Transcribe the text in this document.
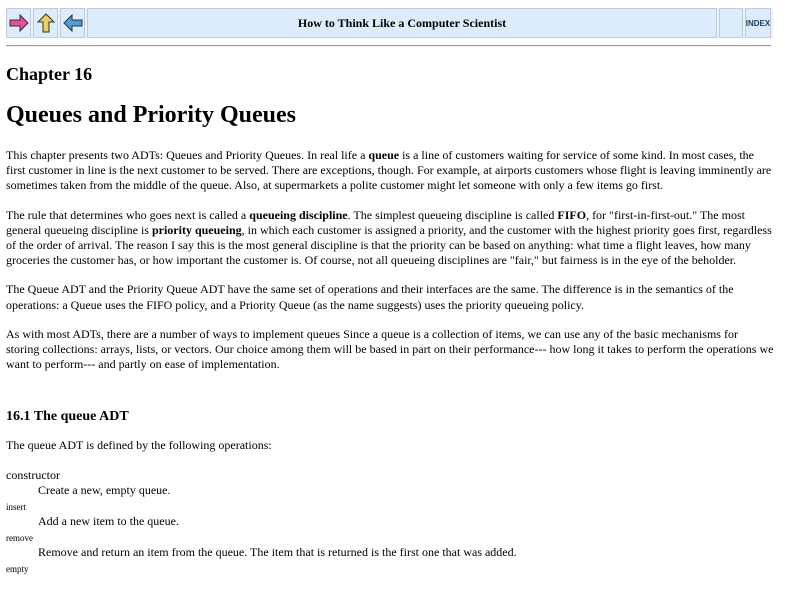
How to Think Like a Computer Scientist	INDEX
Chapter 16
Queues and Priority Queues

This chapter presents two ADTs: Queues and Priority Queues. In real life a queue is a line of customers waiting for service of some kind. In most cases, the first customer in line is the next customer to be served. There are exceptions, though. For example, at airports customers whose flight is leaving imminently are sometimes taken from the middle of the queue. Also, at supermarkets a polite customer might let someone with only a few items go first.

The rule that determines who goes next is called a queueing discipline. The simplest queueing discipline is called FIFO, for "first-in-first-out." The most general queueing discipline is priority queueing, in which each customer is assigned a priority, and the customer with the highest priority goes first, regardless of the order of arrival. The reason I say this is the most general discipline is that the priority can be based on anything: what time a flight leaves, how many groceries the customer has, or how important the customer is. Of course, not all queueing disciplines are "fair," but fairness is in the eye of the beholder.

The Queue ADT and the Priority Queue ADT have the same set of operations and their interfaces are the same. The difference is in the semantics of the operations: a Queue uses the FIFO policy, and a Priority Queue (as the name suggests) uses the priority queueing policy.

As with most ADTs, there are a number of ways to implement queues Since a queue is a collection of items, we can use any of the basic mechanisms for storing collections: arrays, lists, or vectors. Our choice among them will be based in part on their performance--- how long it takes to perform the operations we want to perform--- and partly on ease of implementation.

16.1 The queue ADT

The queue ADT is defined by the following operations:

constructor
Create a new, empty queue.
insert
Add a new item to the queue.
remove
Remove and return an item from the queue. The item that is returned is the first one that was added.
empty
